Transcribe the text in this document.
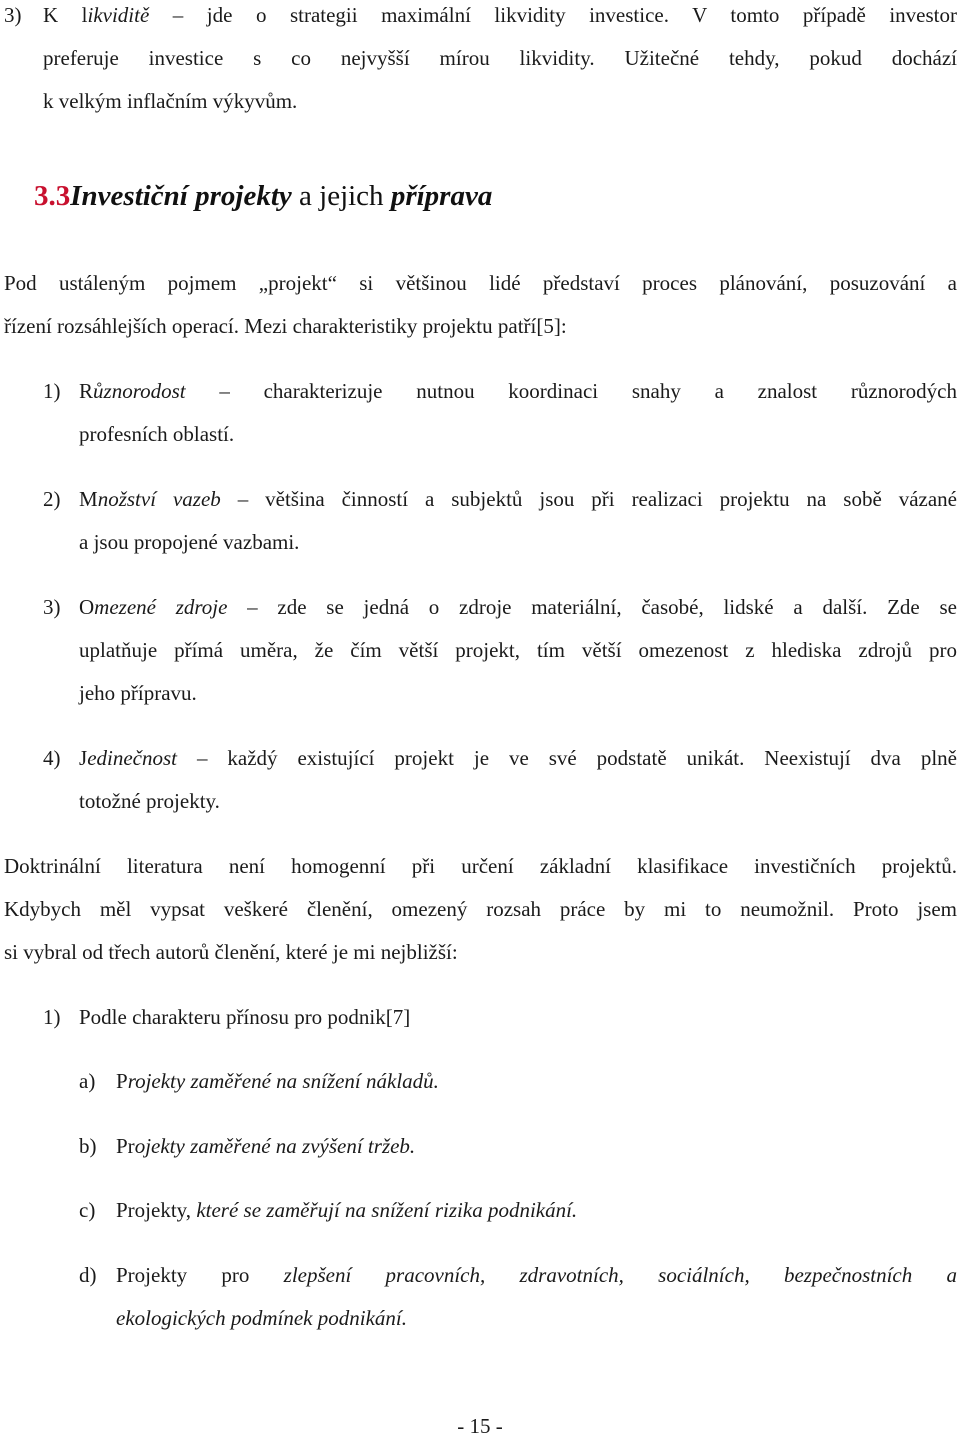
3) K likviditě – jde o strategii maximální likvidity investice. V tomto případě investor
preferuje investice s co nejvyšší mírou likvidity. Užitečné tehdy, pokud dochází
k velkým inflačním výkyvům.
3.3Investiční projekty a jejich příprava
Pod ustáleným pojmem „projekt“ si většinou lidé představí proces plánování, posuzování a
řízení rozsáhlejších operací. Mezi charakteristiky projektu patří[5]:
1) Různorodost – charakterizuje nutnou koordinaci snahy a znalost různorodých
profesních oblastí.
2) Množství vazeb – většina činností a subjektů jsou při realizaci projektu na sobě vázané
a jsou propojené vazbami.
3) Omezené zdroje – zde se jedná o zdroje materiální, časobé, lidské a další. Zde se
uplatňuje přímá uměra, že čím větší projekt, tím větší omezenost z hlediska zdrojů pro
jeho přípravu.
4) Jedinečnost – každý existující projekt je ve své podstatě unikát. Neexistují dva plně
totožné projekty.
Doktrinální literatura není homogenní při určení základní klasifikace investičních projektů.
Kdybych měl vypsat veškeré členění, omezený rozsah práce by mi to neumožnil. Proto jsem
si vybral od třech autorů členění, které je mi nejbližší:
1) Podle charakteru přínosu pro podnik[7]
a) Projekty zaměřené na snížení nákladů.
b) Projekty zaměřené na zvýšení tržeb.
c) Projekty, které se zaměřují na snížení rizika podnikání.
d) Projekty pro zlepšení pracovních, zdravotních, sociálních, bezpečnostních a
ekologických podmínek podnikání.
- 15 -
